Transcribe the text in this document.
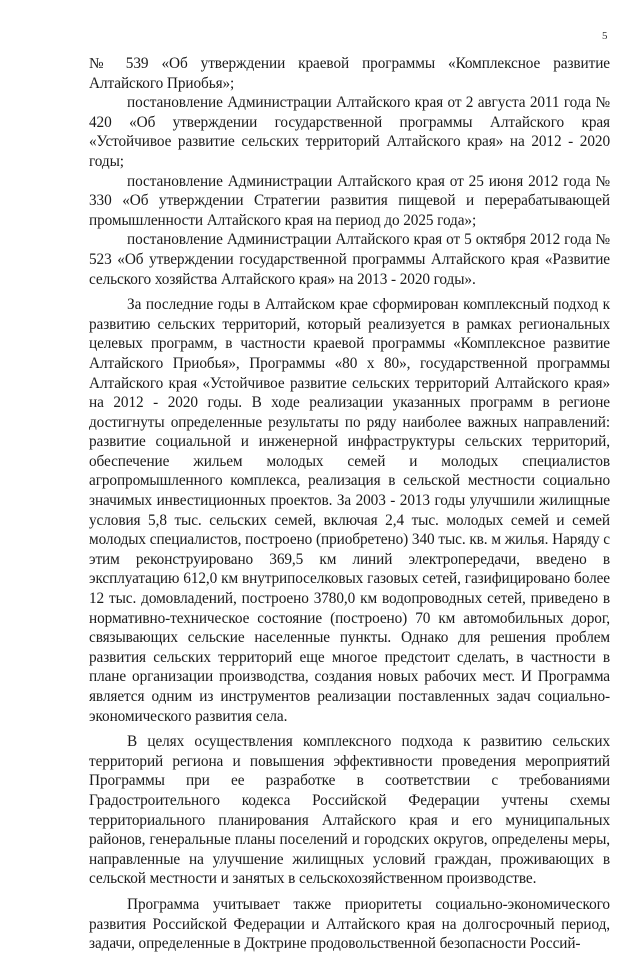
5

№ 539 «Об утверждении краевой программы «Комплексное развитие Алтайского Приобья»;

постановление Администрации Алтайского края от 2 августа 2011 года № 420 «Об утверждении государственной программы Алтайского края «Устойчивое развитие сельских территорий Алтайского края» на 2012 - 2020 годы;

постановление Администрации Алтайского края от 25 июня 2012 года № 330 «Об утверждении Стратегии развития пищевой и перерабатывающей промышленности Алтайского края на период до 2025 года»;

постановление Администрации Алтайского края от 5 октября 2012 года № 523 «Об утверждении государственной программы Алтайского края «Развитие сельского хозяйства Алтайского края» на 2013 - 2020 годы».

За последние годы в Алтайском крае сформирован комплексный подход к развитию сельских территорий, который реализуется в рамках региональных целевых программ, в частности краевой программы «Комплексное развитие Алтайского Приобья», Программы «80 х 80», государственной программы Алтайского края «Устойчивое развитие сельских территорий Алтайского края» на 2012 - 2020 годы. В ходе реализации указанных программ в регионе достигнуты определенные результаты по ряду наиболее важных направлений: развитие социальной и инженерной инфраструктуры сельских территорий, обеспечение жильем молодых семей и молодых специалистов агропромышленного комплекса, реализация в сельской местности социально значимых инвестиционных проектов. За 2003 - 2013 годы улучшили жилищные условия 5,8 тыс. сельских семей, включая 2,4 тыс. молодых семей и семей молодых специалистов, построено (приобретено) 340 тыс. кв. м жилья. Наряду с этим реконструировано 369,5 км линий электропередачи, введено в эксплуатацию 612,0 км внутрипоселковых газовых сетей, газифицировано более 12 тыс. домовладений, построено 3780,0 км водопроводных сетей, приведено в нормативно-техническое состояние (построено) 70 км автомобильных дорог, связывающих сельские населенные пункты. Однако для решения проблем развития сельских территорий еще многое предстоит сделать, в частности в плане организации производства, создания новых рабочих мест. И Программа является одним из инструментов реализации поставленных задач социально-экономического развития села.

В целях осуществления комплексного подхода к развитию сельских территорий региона и повышения эффективности проведения мероприятий Программы при ее разработке в соответствии с требованиями Градостроительного кодекса Российской Федерации учтены схемы территориального планирования Алтайского края и его муниципальных районов, генеральные планы поселений и городских округов, определены меры, направленные на улучшение жилищных условий граждан, проживающих в сельской местности и занятых в сельскохозяйственном производстве.

Программа учитывает также приоритеты социально-экономического развития Российской Федерации и Алтайского края на долгосрочный период, задачи, определенные в Доктрине продовольственной безопасности Россий-
